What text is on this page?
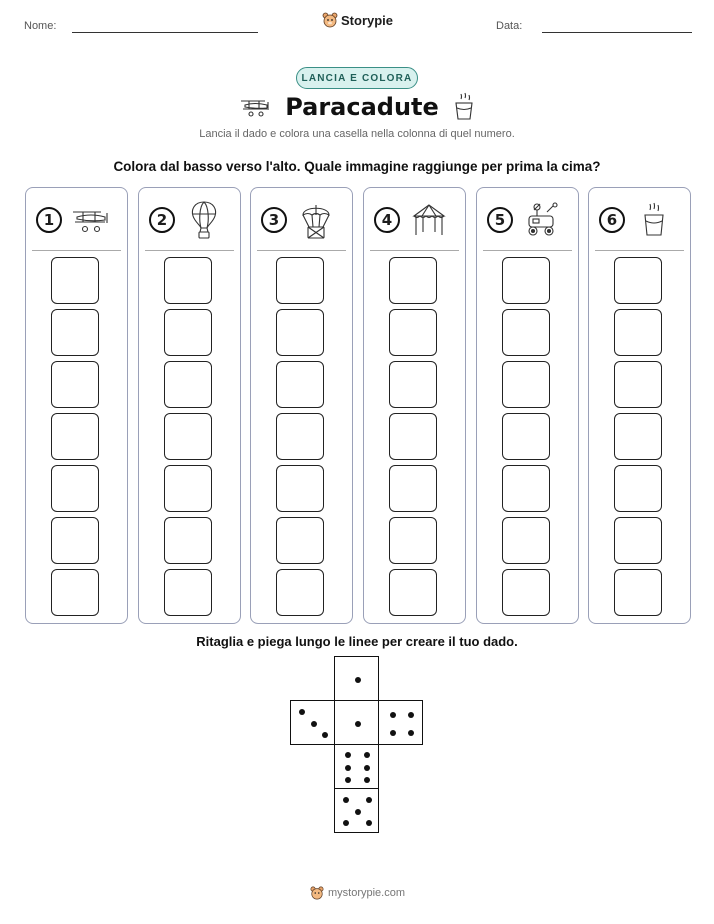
Nome:	Storypie	Data:
LANCIA E COLORA
Paracadute
Lancia il dado e colora una casella nella colonna di quel numero.
Colora dal basso verso l'alto. Quale immagine raggiunge per prima la cima?
1	2	3	4	5	6
Ritaglia e piega lungo le linee per creare il tuo dado.
mystorypie.com
